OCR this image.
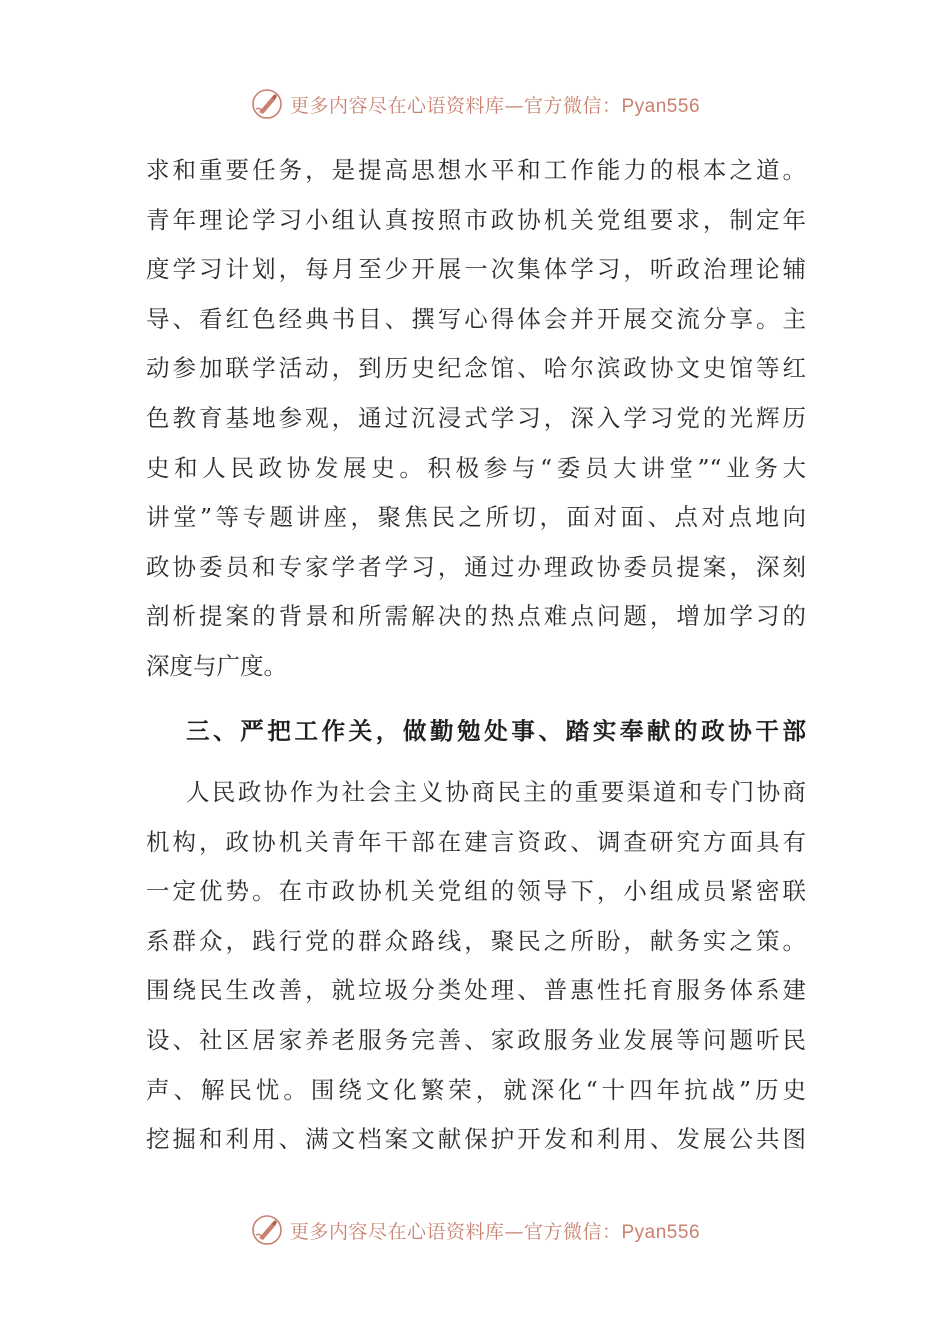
更多内容尽在心语资料库—官方微信：Pyan556
求和重要任务，是提高思想水平和工作能力的根本之道。
青年理论学习小组认真按照市政协机关党组要求，制定年
度学习计划，每月至少开展一次集体学习，听政治理论辅
导、看红色经典书目、撰写心得体会并开展交流分享。主
动参加联学活动，到历史纪念馆、哈尔滨政协文史馆等红
色教育基地参观，通过沉浸式学习，深入学习党的光辉历
史和人民政协发展史。积极参与“委员大讲堂”“业务大
讲堂”等专题讲座，聚焦民之所切，面对面、点对点地向
政协委员和专家学者学习，通过办理政协委员提案，深刻
剖析提案的背景和所需解决的热点难点问题，增加学习的
深度与广度。
三、严把工作关，做勤勉处事、踏实奉献的政协干部
人民政协作为社会主义协商民主的重要渠道和专门协商
机构，政协机关青年干部在建言资政、调查研究方面具有
一定优势。在市政协机关党组的领导下，小组成员紧密联
系群众，践行党的群众路线，聚民之所盼，献务实之策。
围绕民生改善，就垃圾分类处理、普惠性托育服务体系建
设、社区居家养老服务完善、家政服务业发展等问题听民
声、解民忧。围绕文化繁荣，就深化“十四年抗战”历史
挖掘和利用、满文档案文献保护开发和利用、发展公共图
更多内容尽在心语资料库—官方微信：Pyan556
